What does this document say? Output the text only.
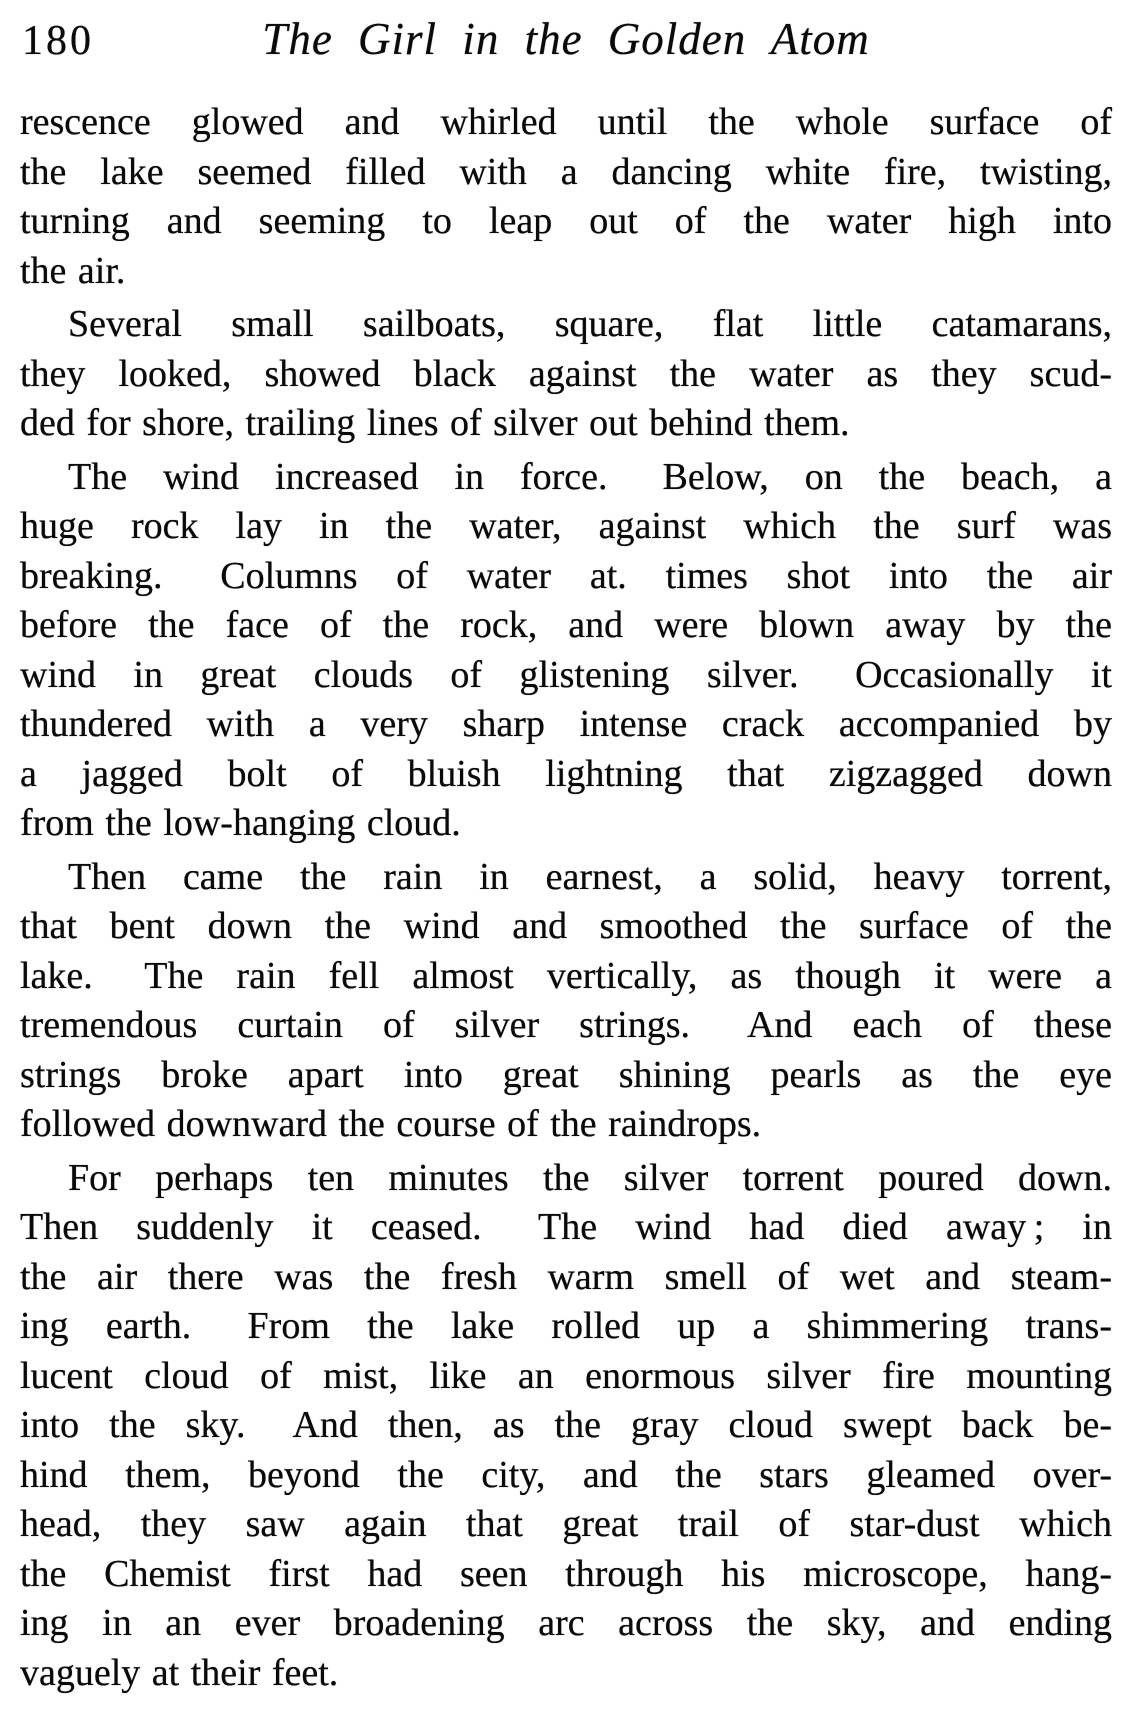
180	The Girl in the Golden Atom
rescence glowed and whirled until the whole surface of
the lake seemed filled with a dancing white fire, twisting,
turning and seeming to leap out of the water high into
the air.
Several small sailboats, square, flat little catamarans,
they looked, showed black against the water as they scud-
ded for shore, trailing lines of silver out behind them.
The wind increased in force.  Below, on the beach, a
huge rock lay in the water, against which the surf was
breaking.  Columns of water at. times shot into the air
before the face of the rock, and were blown away by the
wind in great clouds of glistening silver.  Occasionally it
thundered with a very sharp intense crack accompanied by
a jagged bolt of bluish lightning that zigzagged down
from the low-hanging cloud.
Then came the rain in earnest, a solid, heavy torrent,
that bent down the wind and smoothed the surface of the
lake.  The rain fell almost vertically, as though it were a
tremendous curtain of silver strings.  And each of these
strings broke apart into great shining pearls as the eye
followed downward the course of the raindrops.
For perhaps ten minutes the silver torrent poured down.
Then suddenly it ceased.  The wind had died away ; in
the air there was the fresh warm smell of wet and steam-
ing earth.  From the lake rolled up a shimmering trans-
lucent cloud of mist, like an enormous silver fire mounting
into the sky.  And then, as the gray cloud swept back be-
hind them, beyond the city, and the stars gleamed over-
head, they saw again that great trail of star-dust which
the Chemist first had seen through his microscope, hang-
ing in an ever broadening arc across the sky, and ending
vaguely at their feet.
